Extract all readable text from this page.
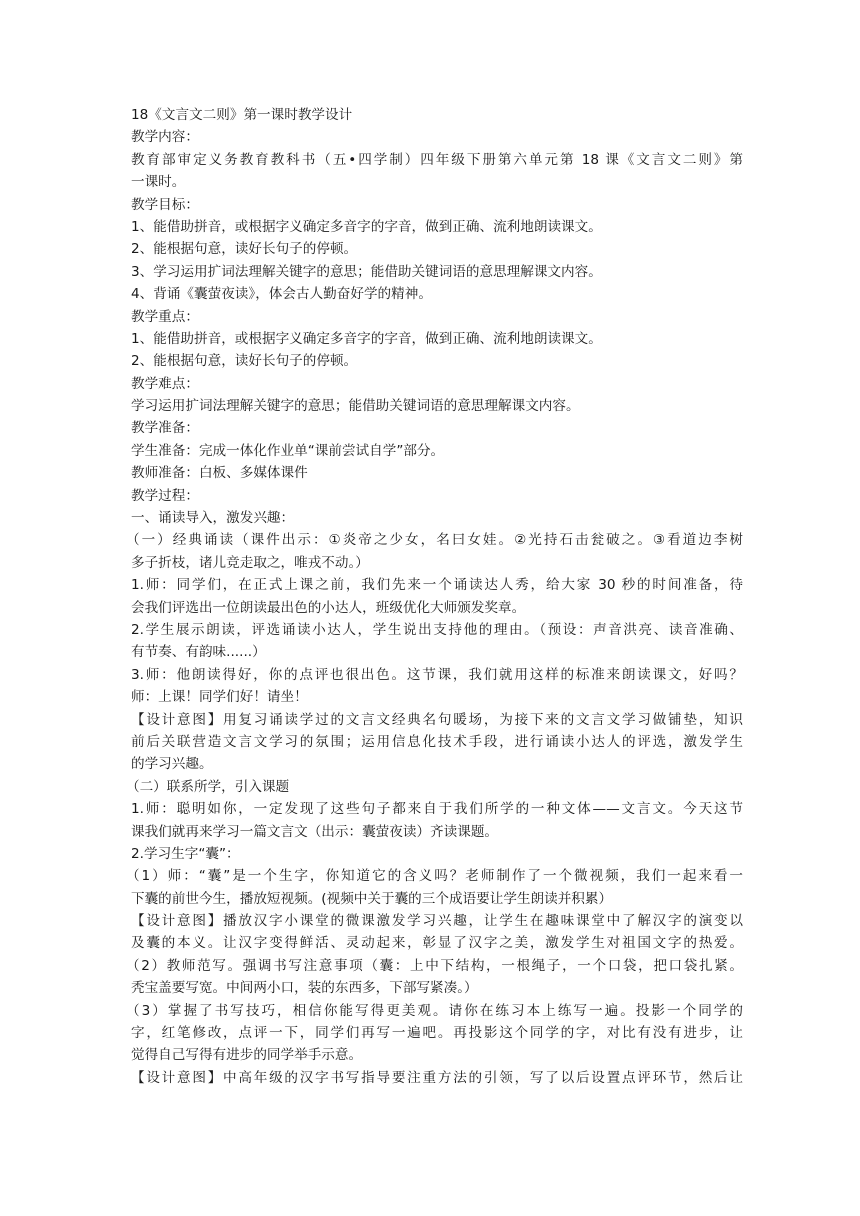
18《文言文二则》第一课时教学设计
教学内容：
教育部审定义务教育教科书（五•四学制）四年级下册第六单元第 18 课《文言文二则》第
一课时。
教学目标：
1、能借助拼音，或根据字义确定多音字的字音，做到正确、流利地朗读课文。
2、能根据句意，读好长句子的停顿。
3、学习运用扩词法理解关键字的意思；能借助关键词语的意思理解课文内容。
4、背诵《囊萤夜读》，体会古人勤奋好学的精神。
教学重点：
1、能借助拼音，或根据字义确定多音字的字音，做到正确、流利地朗读课文。
2、能根据句意，读好长句子的停顿。
教学难点：
学习运用扩词法理解关键字的意思；能借助关键词语的意思理解课文内容。
教学准备：
学生准备：完成一体化作业单“课前尝试自学”部分。
教师准备：白板、多媒体课件
教学过程：
一、诵读导入，激发兴趣：
（一）经典诵读（课件出示：①炎帝之少女，名曰女娃。②光持石击瓮破之。③看道边李树
多子折枝，诸儿竞走取之，唯戎不动。）
1.师：同学们，在正式上课之前，我们先来一个诵读达人秀，给大家 30 秒的时间准备，待
会我们评选出一位朗读最出色的小达人，班级优化大师颁发奖章。
2.学生展示朗读，评选诵读小达人，学生说出支持他的理由。（预设：声音洪亮、读音准确、
有节奏、有韵味......）
3.师：他朗读得好，你的点评也很出色。这节课，我们就用这样的标准来朗读课文，好吗？
师：上课！同学们好！请坐！
【设计意图】用复习诵读学过的文言文经典名句暖场，为接下来的文言文学习做铺垫，知识
前后关联营造文言文学习的氛围；运用信息化技术手段，进行诵读小达人的评选，激发学生
的学习兴趣。
（二）联系所学，引入课题
1.师：聪明如你，一定发现了这些句子都来自于我们所学的一种文体——文言文。今天这节
课我们就再来学习一篇文言文（出示：囊萤夜读）齐读课题。
2.学习生字“囊”：
（1）师：“囊”是一个生字，你知道它的含义吗？老师制作了一个微视频，我们一起来看一
下囊的前世今生，播放短视频。(视频中关于囊的三个成语要让学生朗读并积累）
【设计意图】播放汉字小课堂的微课激发学习兴趣，让学生在趣味课堂中了解汉字的演变以
及囊的本义。让汉字变得鲜活、灵动起来，彰显了汉字之美，激发学生对祖国文字的热爱。
（2）教师范写。强调书写注意事项（囊：上中下结构，一根绳子，一个口袋，把口袋扎紧。
秃宝盖要写宽。中间两小口，装的东西多，下部写紧凑。）
（3）掌握了书写技巧，相信你能写得更美观。请你在练习本上练写一遍。投影一个同学的
字，红笔修改，点评一下，同学们再写一遍吧。再投影这个同学的字，对比有没有进步，让
觉得自己写得有进步的同学举手示意。
【设计意图】中高年级的汉字书写指导要注重方法的引领，写了以后设置点评环节，然后让
